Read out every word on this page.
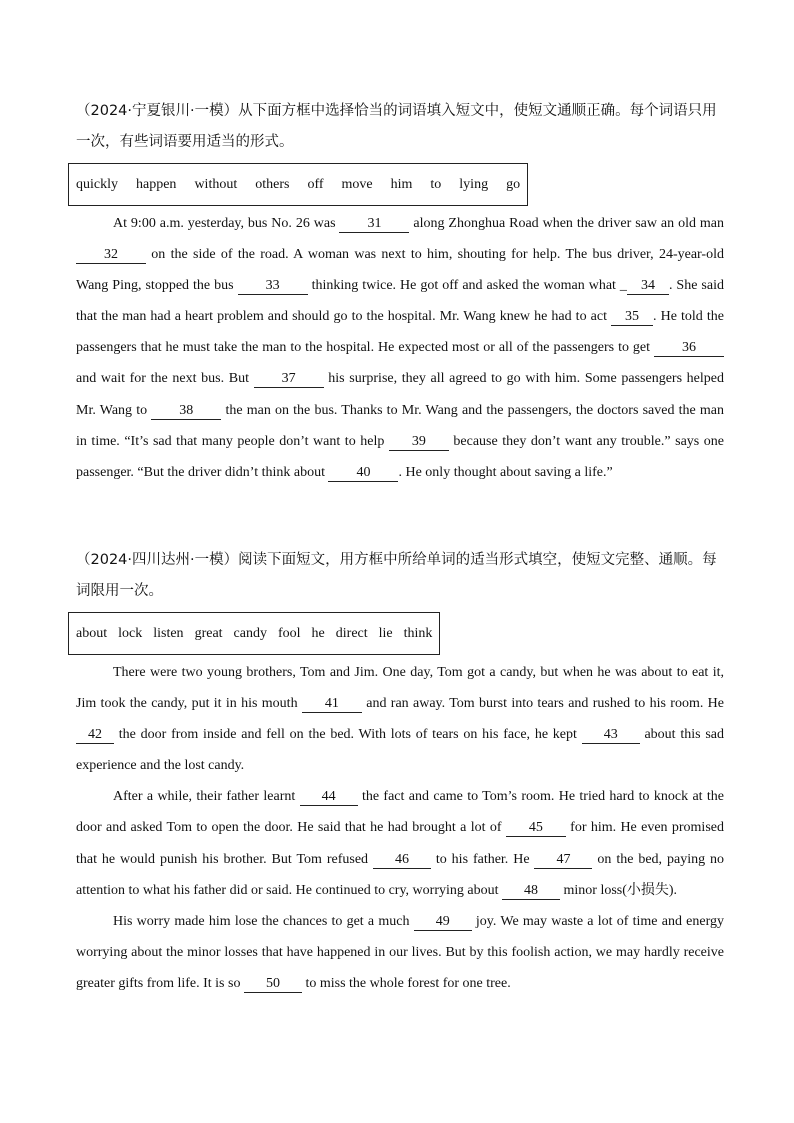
（2024·宁夏银川·一模）从下面方框中选择恰当的词语填入短文中，使短文通顺正确。每个词语只用一次，有些词语要用适当的形式。

quickly happen without others off move him to lying go

At 9:00 a.m. yesterday, bus No. 26 was 31 along Zhonghua Road when the driver saw an old man 32 on the side of the road. A woman was next to him, shouting for help. The bus driver, 24-year-old Wang Ping, stopped the bus 33 thinking twice. He got off and asked the woman what _ 34 . She said that the man had a heart problem and should go to the hospital. Mr. Wang knew he had to act 35 . He told the passengers that he must take the man to the hospital. He expected most or all of the passengers to get 36 and wait for the next bus. But 37 his surprise, they all agreed to go with him. Some passengers helped Mr. Wang to 38 the man on the bus. Thanks to Mr. Wang and the passengers, the doctors saved the man in time. “It’s sad that many people don’t want to help 39 because they don’t want any trouble.” says one passenger. “But the driver didn’t think about 40 . He only thought about saving a life.”

（2024·四川达州·一模）阅读下面短文，用方框中所给单词的适当形式填空，使短文完整、通顺。每词限用一次。

about lock listen great candy fool he direct lie think

There were two young brothers, Tom and Jim. One day, Tom got a candy, but when he was about to eat it, Jim took the candy, put it in his mouth 41 and ran away. Tom burst into tears and rushed to his room. He 42 the door from inside and fell on the bed. With lots of tears on his face, he kept 43 about this sad experience and the lost candy.

After a while, their father learnt 44 the fact and came to Tom’s room. He tried hard to knock at the door and asked Tom to open the door. He said that he had brought a lot of 45 for him. He even promised that he would punish his brother. But Tom refused 46 to his father. He 47 on the bed, paying no attention to what his father did or said. He continued to cry, worrying about 48 minor loss(小损失).

His worry made him lose the chances to get a much 49 joy. We may waste a lot of time and energy worrying about the minor losses that have happened in our lives. But by this foolish action, we may hardly receive greater gifts from life. It is so 50 to miss the whole forest for one tree.
